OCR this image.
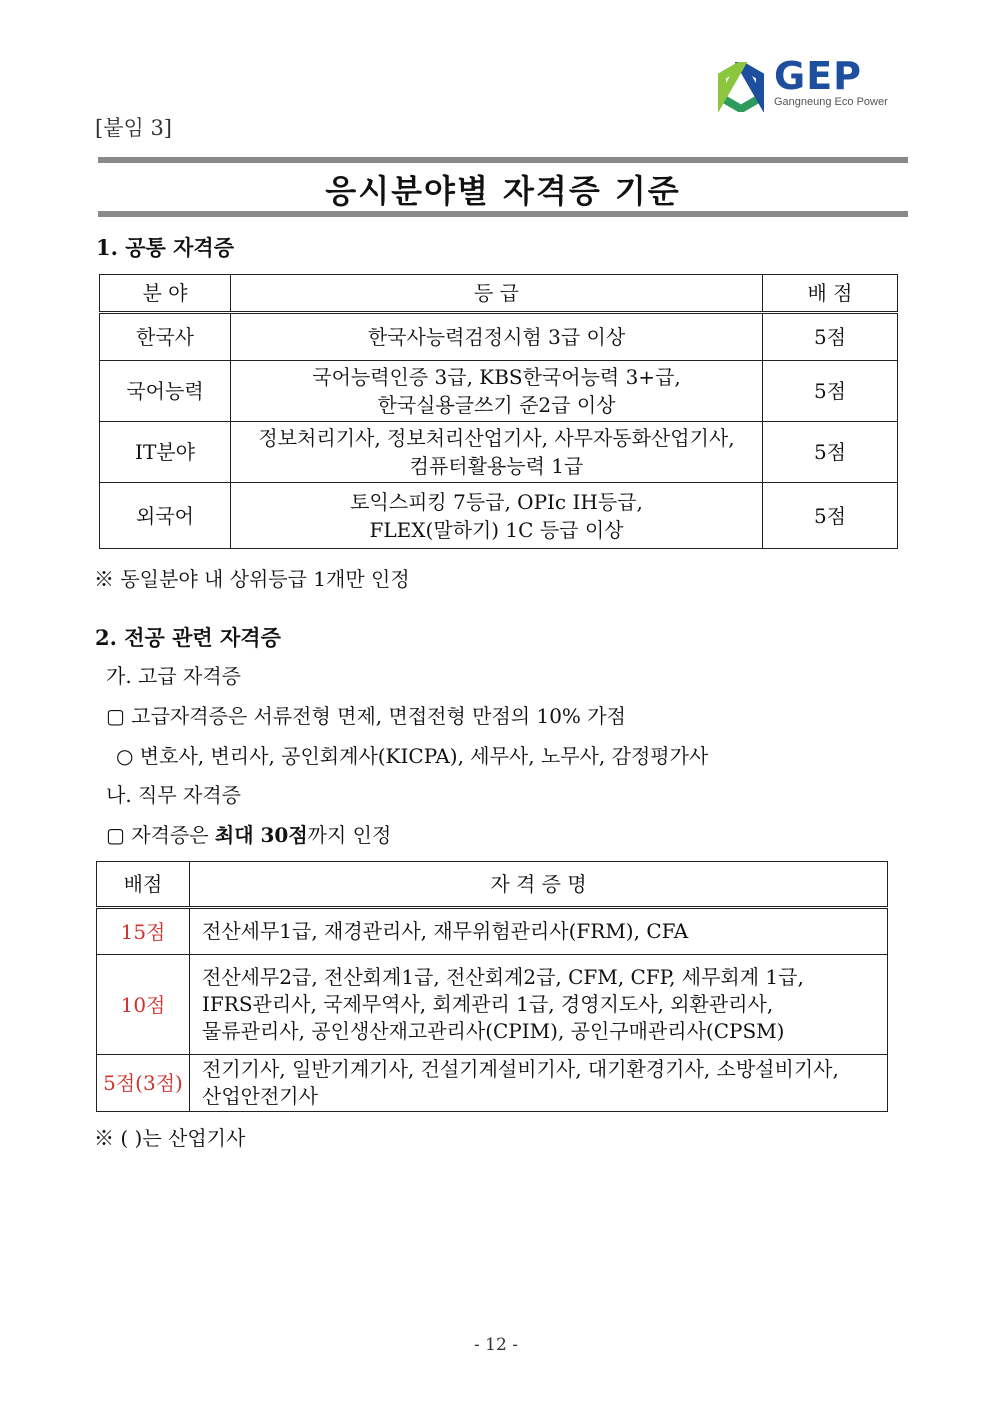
GEP
Gangneung Eco Power
[붙임 3]
응시분야별 자격증 기준
1. 공통 자격증
분 야	등 급	배 점
한국사	한국사능력검정시험 3급 이상	5점
국어능력	국어능력인증 3급, KBS한국어능력 3+급,
한국실용글쓰기 준2급 이상	5점
IT분야	정보처리기사, 정보처리산업기사, 사무자동화산업기사,
컴퓨터활용능력 1급	5점
외국어	토익스피킹 7등급, OPIc IH등급,
FLEX(말하기) 1C 등급 이상	5점
※ 동일분야 내 상위등급 1개만 인정
2. 전공 관련 자격증
가. 고급 자격증
▢ 고급자격증은 서류전형 면제, 면접전형 만점의 10% 가점
○ 변호사, 변리사, 공인회계사(KICPA), 세무사, 노무사, 감정평가사
나. 직무 자격증
▢ 자격증은 최대 30점까지 인정
배점	자 격 증 명
15점	전산세무1급, 재경관리사, 재무위험관리사(FRM), CFA

10점	전산세무2급, 전산회계1급, 전산회계2급, CFM, CFP, 세무회계 1급,
IFRS관리사, 국제무역사, 회계관리 1급, 경영지도사, 외환관리사,
물류관리사, 공인생산재고관리사(CPIM), 공인구매관리사(CPSM)

5점(3점)	전기기사, 일반기계기사, 건설기계설비기사, 대기환경기사, 소방설비기사,
산업안전기사
※ ( )는 산업기사
- 12 -
